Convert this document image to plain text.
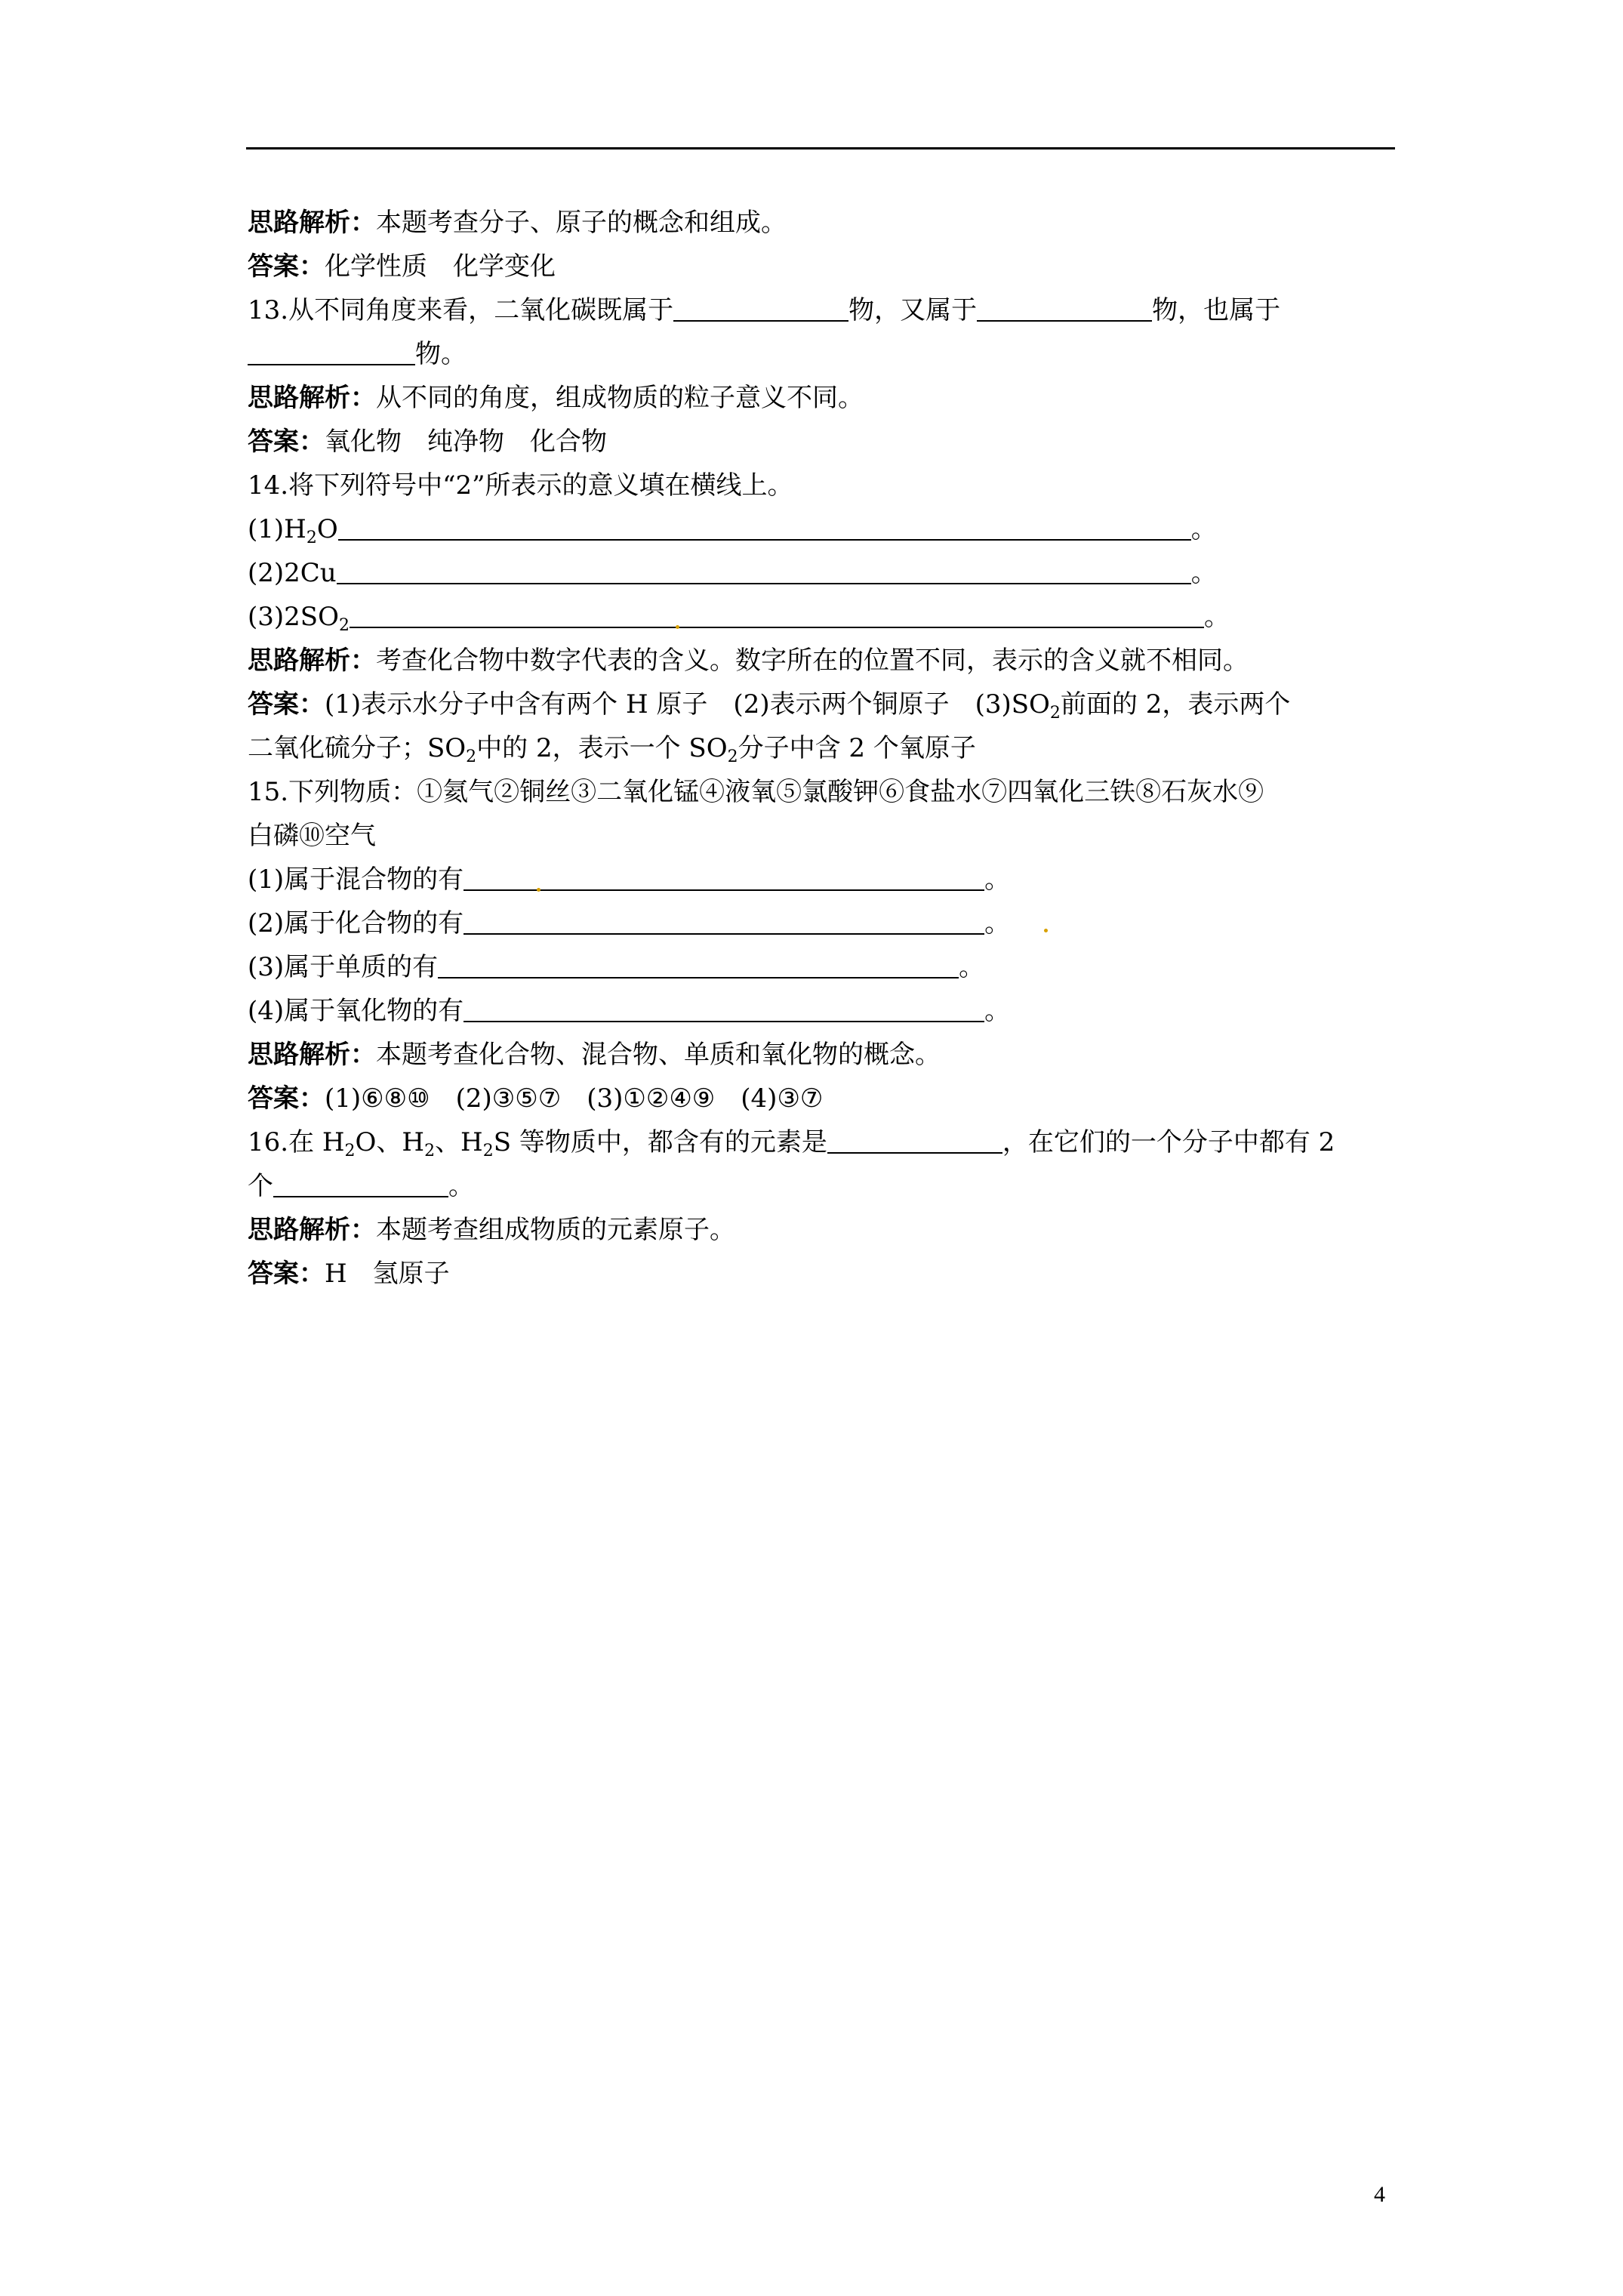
思路解析：本题考查分子、原子的概念和组成。
答案：化学性质　化学变化
13.从不同角度来看，二氧化碳既属于	物，又属于	物，也属于
物。
思路解析：从不同的角度，组成物质的粒子意义不同。
答案：氧化物　纯净物　化合物
14.将下列符号中“2”所表示的意义填在横线上。
$(1)H_2O$	。
(2)2Cu	。
$(3)2SO_2$	。
思路解析：考查化合物中数字代表的含义。数字所在的位置不同，表示的含义就不相同。
答案：(1)表示水分子中含有两个 H 原子　(2)表示两个铜原子　$(3)SO_2$前面的 2，表示两个
二氧化硫分子；$SO_2$中的 2，表示一个 $SO_2$分子中含 2 个氧原子
15.下列物质：①氦气②铜丝③二氧化锰④液氧⑤氯酸钾⑥食盐水⑦四氧化三铁⑧石灰水⑨
白磷⑩空气
(1)属于混合物的有	。
(2)属于化合物的有	。
(3)属于单质的有	。
(4)属于氧化物的有	。
思路解析：本题考查化合物、混合物、单质和氧化物的概念。
答案：(1)⑥⑧⑩　(2)③⑤⑦　(3)①②④⑨　(4)③⑦
16.在 $H_2O$、$H_2$、$H_2S$ 等物质中，都含有的元素是	，在它们的一个分子中都有 2
个	。
思路解析：本题考查组成物质的元素原子。
答案：H　氢原子
4
